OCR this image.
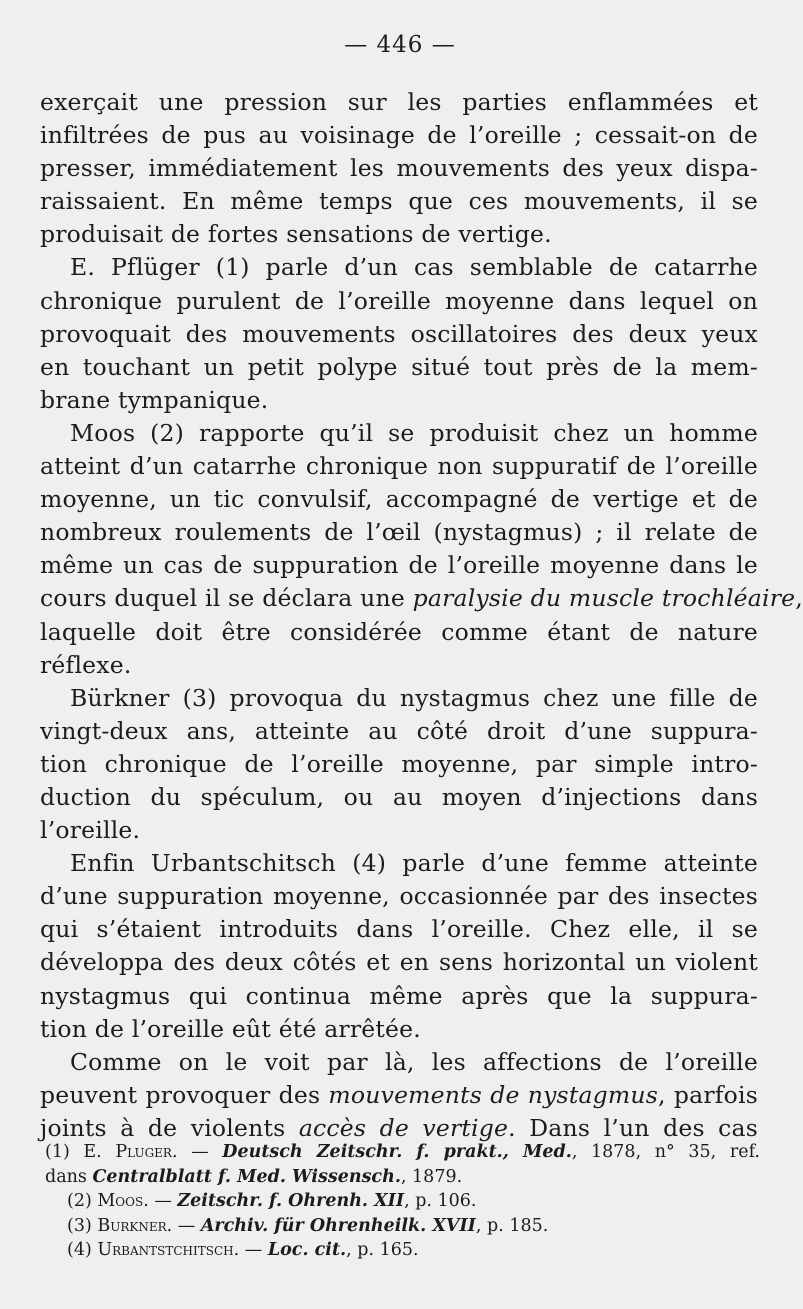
— 446 —
exerçait une pression sur les parties enflammées et
infiltrées de pus au voisinage de l’oreille ; cessait-on de
presser, immédiatement les mouvements des yeux dispa-
raissaient. En même temps que ces mouvements, il se
produisait de fortes sensations de vertige.
E. Pflüger (1) parle d’un cas semblable de catarrhe
chronique purulent de l’oreille moyenne dans lequel on
provoquait des mouvements oscillatoires des deux yeux
en touchant un petit polype situé tout près de la mem-
brane tympanique.
Moos (2) rapporte qu’il se produisit chez un homme
atteint d’un catarrhe chronique non suppuratif de l’oreille
moyenne, un tic convulsif, accompagné de vertige et de
nombreux roulements de l’œil (nystagmus) ; il relate de
même un cas de suppuration de l’oreille moyenne dans le
cours duquel il se déclara une paralysie du muscle trochléaire,
laquelle doit être considérée comme étant de nature
réflexe.
Bürkner (3) provoqua du nystagmus chez une fille de
vingt-deux ans, atteinte au côté droit d’une suppura-
tion chronique de l’oreille moyenne, par simple intro-
duction du spéculum, ou au moyen d’injections dans
l’oreille.
Enfin Urbantschitsch (4) parle d’une femme atteinte
d’une suppuration moyenne, occasionnée par des insectes
qui s’étaient introduits dans l’oreille. Chez elle, il se
développa des deux côtés et en sens horizontal un violent
nystagmus qui continua même après que la suppura-
tion de l’oreille eût été arrêtée.
Comme on le voit par là, les affections de l’oreille
peuvent provoquer des mouvements de nystagmus, parfois
joints à de violents accès de vertige. Dans l’un des cas
(1) E. Pluger. — Deutsch Zeitschr. f. prakt., Med., 1878, n° 35, ref.
dans Centralblatt f. Med. Wissensch., 1879.
(2) Moos. — Zeitschr. f. Ohrenh. XII, p. 106.
(3) Burkner. — Archiv. für Ohrenheilk. XVII, p. 185.
(4) Urbantstchitsch. — Loc. cit., p. 165.
